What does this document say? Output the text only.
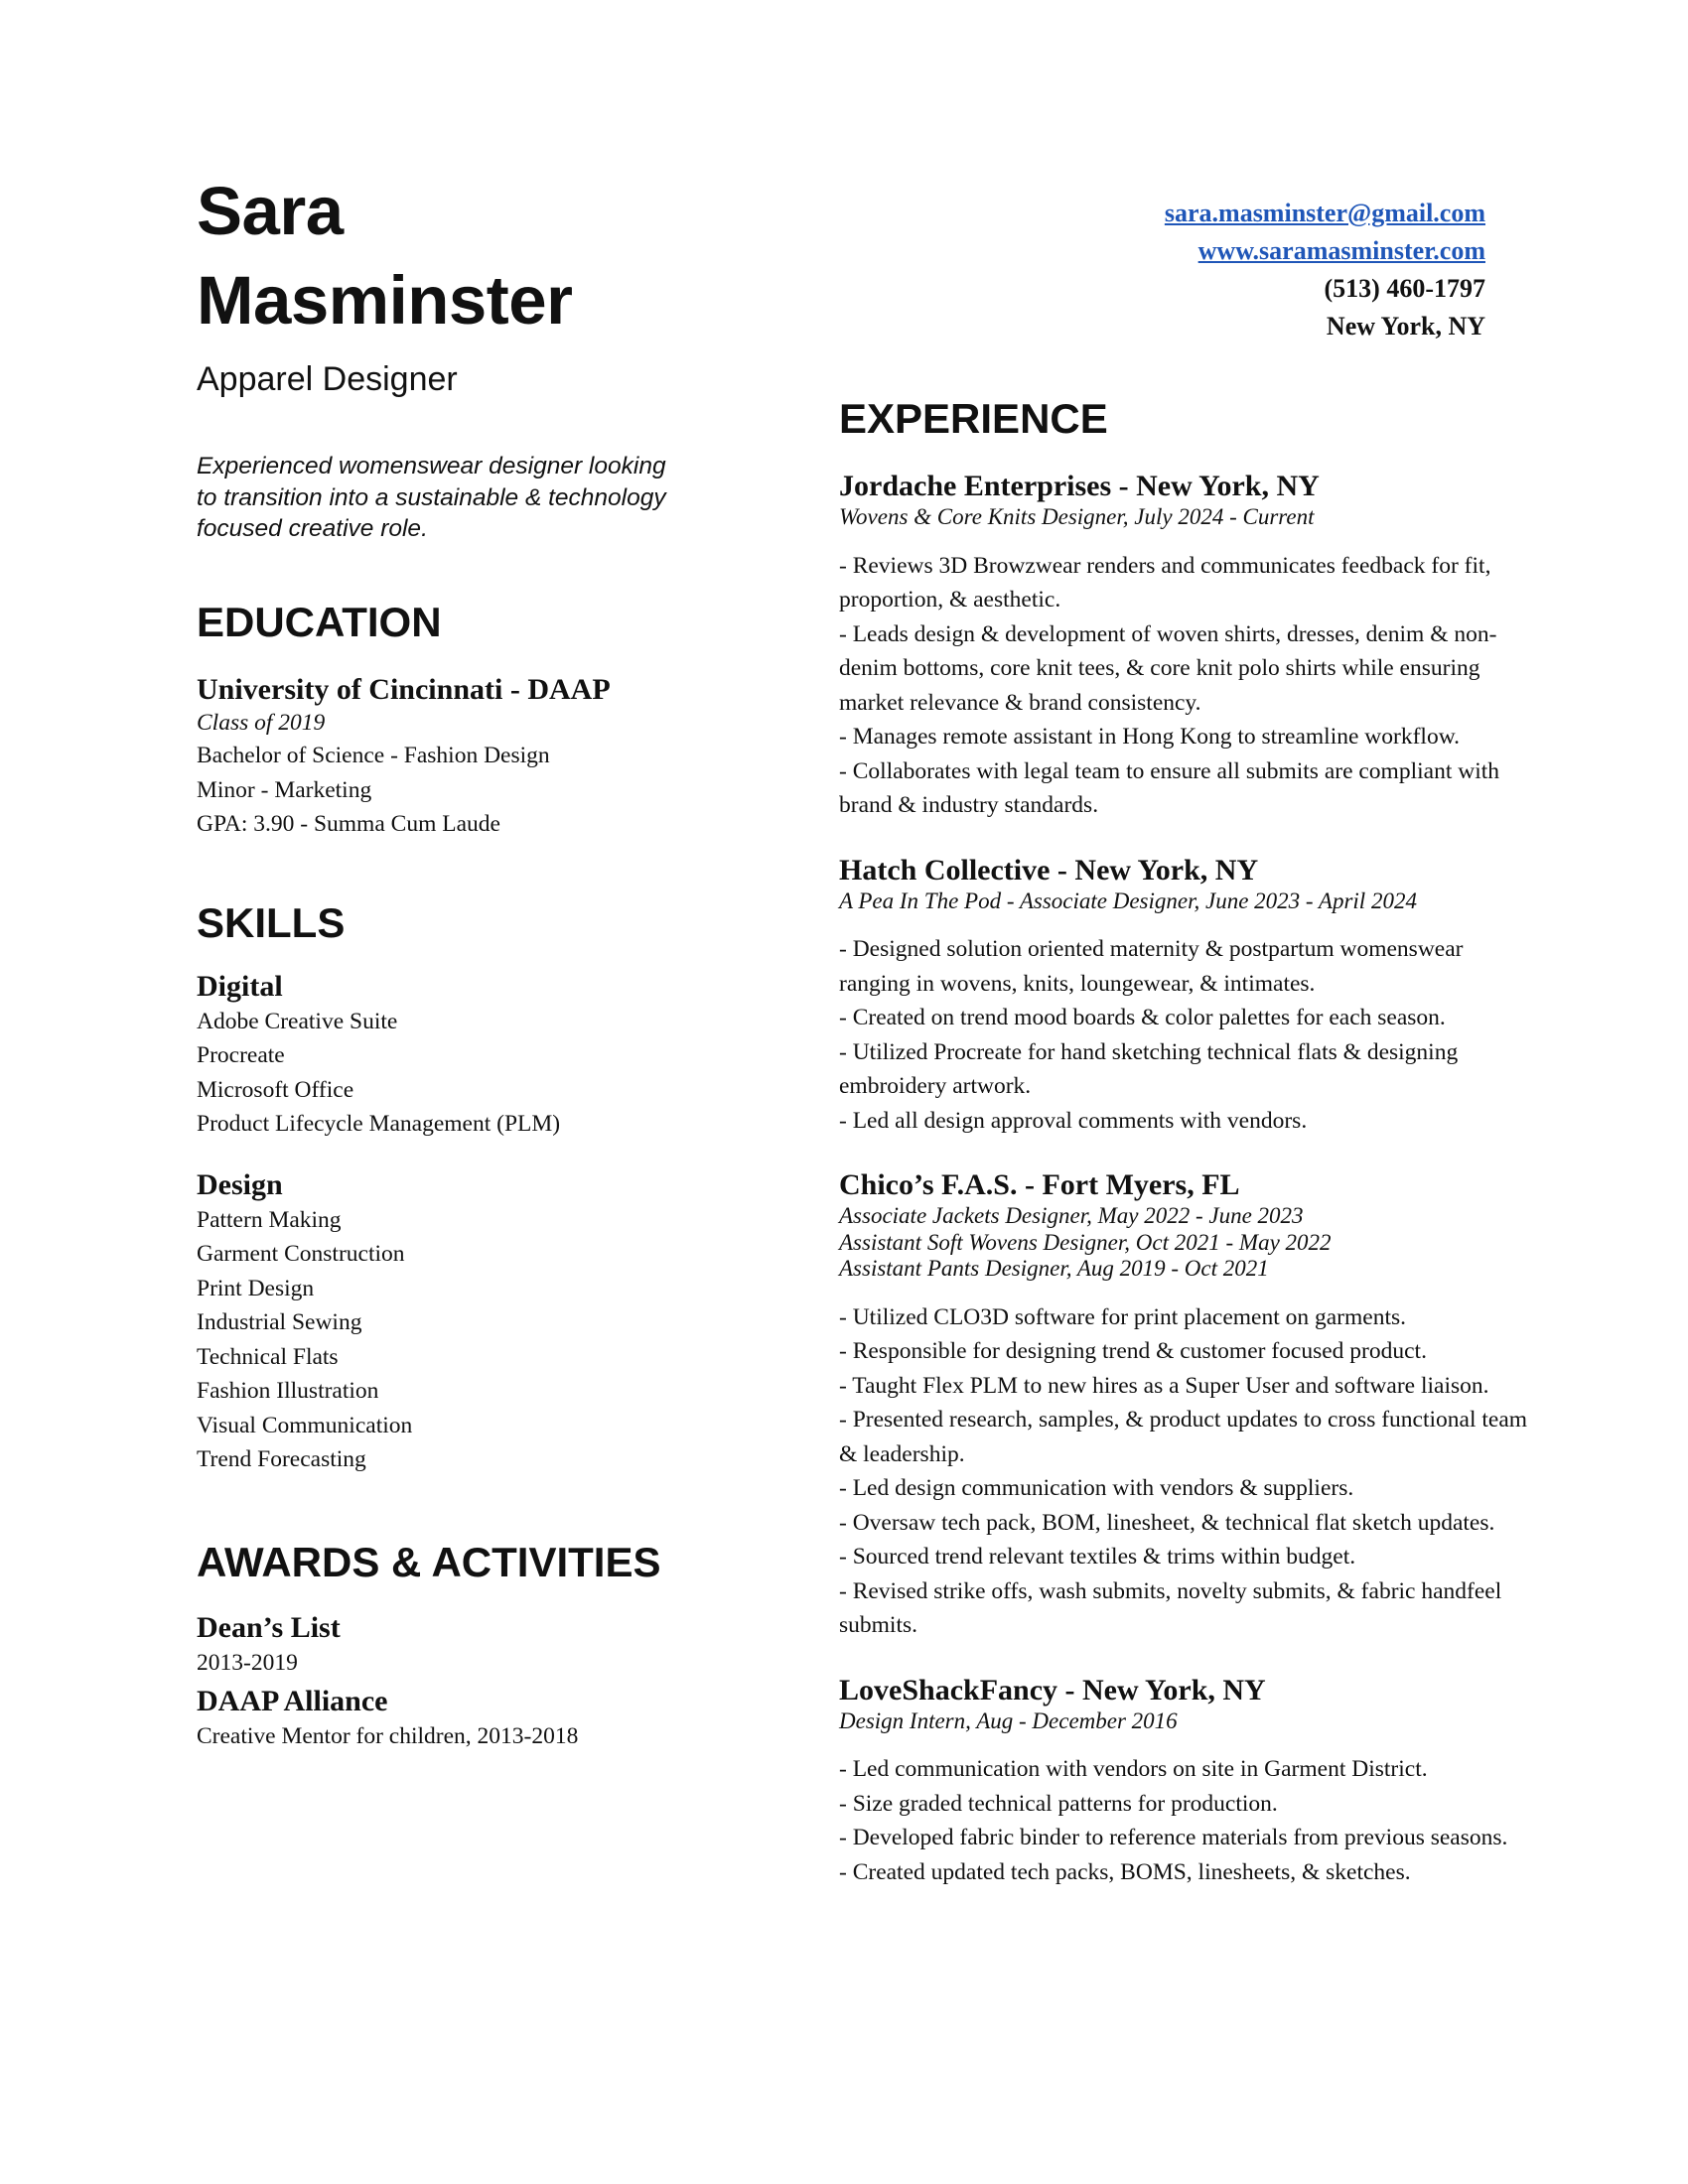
Sara
Masminster

Apparel Designer

Experienced womenswear designer looking to transition into a sustainable & technology focused creative role.

EDUCATION

University of Cincinnati - DAAP

Class of 2019

Bachelor of Science - Fashion Design
Minor - Marketing
GPA: 3.90 - Summa Cum Laude
SKILLS

Digital

Adobe Creative Suite
Procreate
Microsoft Office
Product Lifecycle Management (PLM)

Design

Pattern Making
Garment Construction
Print Design
Industrial Sewing
Technical Flats
Fashion Illustration
Visual Communication
Trend Forecasting
AWARDS & ACTIVITIES

Dean’s List

2013-2019

DAAP Alliance

Creative Mentor for children, 2013-2018

sara.masminster@gmail.com
www.saramasminster.com
(513) 460-1797
New York, NY
EXPERIENCE

Jordache Enterprises - New York, NY

Wovens & Core Knits Designer, July 2024 - Current

- Reviews 3D Browzwear renders and communicates feedback for fit, proportion, & aesthetic.
- Leads design & development of woven shirts, dresses, denim & non-denim bottoms, core knit tees, & core knit polo shirts while ensuring market relevance & brand consistency.
- Manages remote assistant in Hong Kong to streamline workflow.
- Collaborates with legal team to ensure all submits are compliant with brand & industry standards.

Hatch Collective - New York, NY

A Pea In The Pod - Associate Designer, June 2023 - April 2024

- Designed solution oriented maternity & postpartum womenswear ranging in wovens, knits, loungewear, & intimates.
- Created on trend mood boards & color palettes for each season.
- Utilized Procreate for hand sketching technical flats & designing embroidery artwork.
- Led all design approval comments with vendors.

Chico’s F.A.S. - Fort Myers, FL

Associate Jackets Designer, May 2022 - June 2023

Assistant Soft Wovens Designer, Oct 2021 - May 2022

Assistant Pants Designer, Aug 2019 - Oct 2021

- Utilized CLO3D software for print placement on garments.
- Responsible for designing trend & customer focused product.
- Taught Flex PLM to new hires as a Super User and software liaison.
- Presented research, samples, & product updates to cross functional team & leadership.
- Led design communication with vendors & suppliers.
- Oversaw tech pack, BOM, linesheet, & technical flat sketch updates.
- Sourced trend relevant textiles & trims within budget.
- Revised strike offs, wash submits, novelty submits, & fabric handfeel submits.

LoveShackFancy - New York, NY

Design Intern, Aug - December 2016

- Led communication with vendors on site in Garment District.
- Size graded technical patterns for production.
- Developed fabric binder to reference materials from previous seasons.
- Created updated tech packs, BOMS, linesheets, & sketches.
